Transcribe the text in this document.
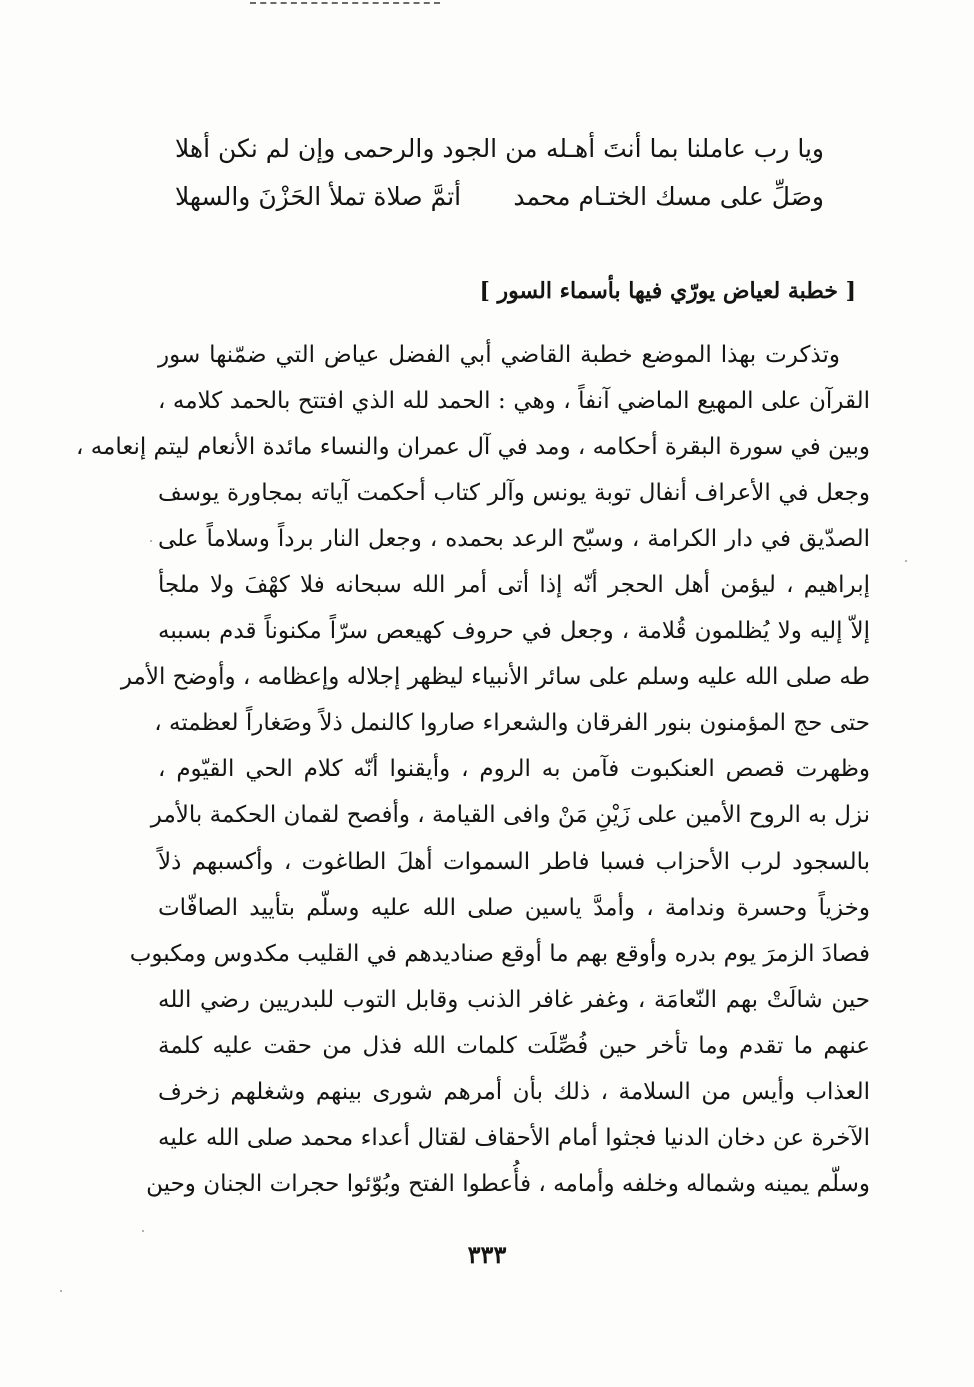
ويا رب عاملنا بما أنتَ أهـله
من الجود والرحمى وإن لم نكن أهلا
وصَلِّ على مسك الختـام محمد
أتمَّ صلاة تملأ الحَزْنَ والسهلا
[ خطبة لعياض يورّي فيها بأسماء السور ]
وتذكرت بهذا الموضع خطبة القاضي أبي الفضل عياض التي ضمّنها سور
القرآن على المهيع الماضي آنفاً ، وهي : الحمد لله الذي افتتح بالحمد كلامه ،
وبين في سورة البقرة أحكامه ، ومد في آل عمران والنساء مائدة الأنعام ليتم إنعامه ،
وجعل في الأعراف أنفال توبة يونس وآلر كتاب أحكمت آياته بمجاورة يوسف
الصدّيق في دار الكرامة ، وسبّح الرعد بحمده ، وجعل النار برداً وسلاماً على
إبراهيم ، ليؤمن أهل الحجر أنّه إذا أتى أمر الله سبحانه فلا كهْفَ ولا ملجأ
إلاّ إليه ولا يُظلمون قُلامة ، وجعل في حروف كهيعص سرّاً مكنوناً قدم بسببه
طه صلى الله عليه وسلم على سائر الأنبياء ليظهر إجلاله وإعظامه ، وأوضح الأمر
حتى حج المؤمنون بنور الفرقان والشعراء صاروا كالنمل ذلاً وصَغاراً لعظمته ،
وظهرت قصص العنكبوت فآمن به الروم ، وأيقنوا أنّه كلام الحي القيّوم ،
نزل به الروح الأمين على زَيْنِ مَنْ وافى القيامة ، وأفصح لقمان الحكمة بالأمر
بالسجود لرب الأحزاب فسبا فاطر السموات أهلَ الطاغوت ، وأكسبهم ذلاً
وخزياً وحسرة وندامة ، وأمدَّ ياسين صلى الله عليه وسلّم بتأييد الصافّات
فصادَ الزمرَ يوم بدره وأوقع بهم ما أوقع صناديدهم في القليب مكدوس ومكبوب
حين شالَتْ بهم النّعامَة ، وغفر غافر الذنب وقابل التوب للبدريين رضي الله
عنهم ما تقدم وما تأخر حين فُصِّلَت كلمات الله فذل من حقت عليه كلمة
العذاب وأيس من السلامة ، ذلك بأن أمرهم شورى بينهم وشغلهم زخرف
الآخرة عن دخان الدنيا فجثوا أمام الأحقاف لقتال أعداء محمد صلى الله عليه
وسلّم يمينه وشماله وخلفه وأمامه ، فأُعطوا الفتح وبُوّئوا حجرات الجنان وحين
٣٣٣
